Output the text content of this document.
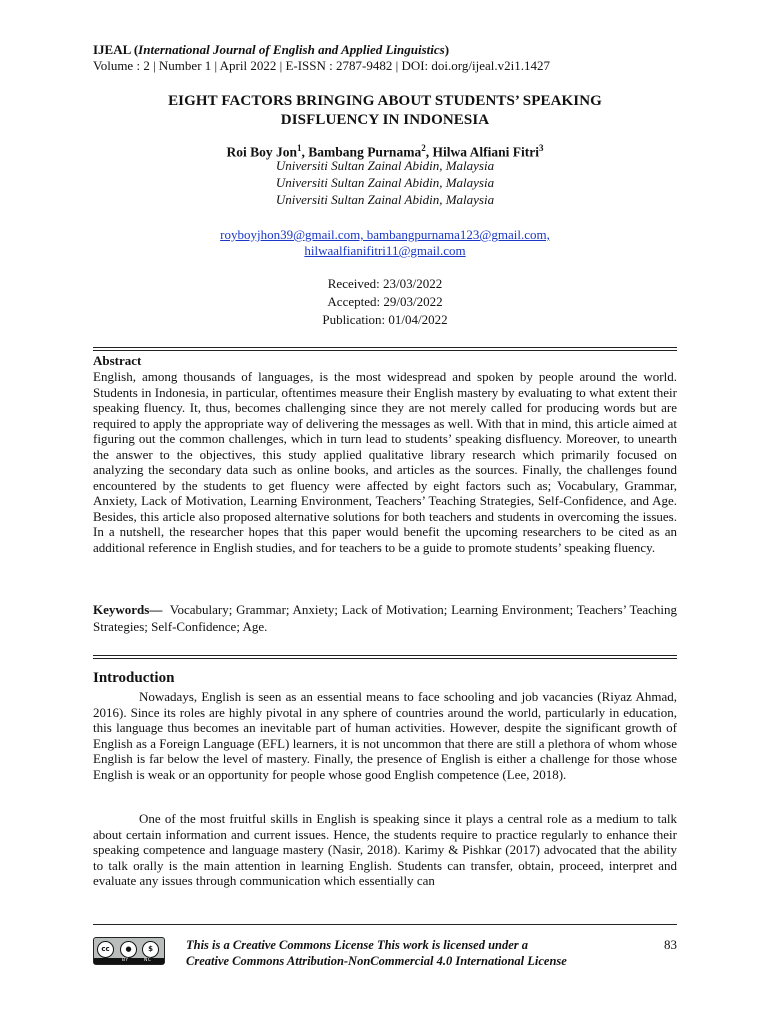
IJEAL (International Journal of English and Applied Linguistics)
Volume : 2 | Number 1 | April 2022 | E-ISSN : 2787-9482 | DOI: doi.org/ijeal.v2i1.1427
EIGHT FACTORS BRINGING ABOUT STUDENTS’ SPEAKING
DISFLUENCY IN INDONESIA
Roi Boy Jon$^1$, Bambang Purnama$^2$, Hilwa Alfiani Fitri$^3$
Universiti Sultan Zainal Abidin, Malaysia
Universiti Sultan Zainal Abidin, Malaysia
Universiti Sultan Zainal Abidin, Malaysia
royboyjhon39@gmail.com, bambangpurnama123@gmail.com,
hilwaalfianifitri11@gmail.com
Received: 23/03/2022
Accepted: 29/03/2022
Publication: 01/04/2022
Abstract
English, among thousands of languages, is the most widespread and spoken by people around the world. Students in Indonesia, in particular, oftentimes measure their English mastery by evaluating to what extent their speaking fluency. It, thus, becomes challenging since they are not merely called for producing words but are required to apply the appropriate way of delivering the messages as well. With that in mind, this article aimed at figuring out the common challenges, which in turn lead to students’ speaking disfluency. Moreover, to unearth the answer to the objectives, this study applied qualitative library research which primarily focused on analyzing the secondary data such as online books, and articles as the sources. Finally, the challenges found encountered by the students to get fluency were affected by eight factors such as; Vocabulary, Grammar, Anxiety, Lack of Motivation, Learning Environment, Teachers’ Teaching Strategies, Self-Confidence, and Age. Besides, this article also proposed alternative solutions for both teachers and students in overcoming the issues. In a nutshell, the researcher hopes that this paper would benefit the upcoming researchers to be cited as an additional reference in English studies, and for teachers to be a guide to promote students’ speaking fluency.
Keywords— Vocabulary; Grammar; Anxiety; Lack of Motivation; Learning Environment; Teachers’ Teaching Strategies; Self-Confidence; Age.
Introduction
Nowadays, English is seen as an essential means to face schooling and job vacancies (Riyaz Ahmad, 2016). Since its roles are highly pivotal in any sphere of countries around the world, particularly in education, this language thus becomes an inevitable part of human activities. However, despite the significant growth of English as a Foreign Language (EFL) learners, it is not uncommon that there are still a plethora of whom whose English is far below the level of mastery. Finally, the presence of English is either a challenge for those whose English is weak or an opportunity for people whose good English competence (Lee, 2018).
One of the most fruitful skills in English is speaking since it plays a central role as a medium to talk about certain information and current issues. Hence, the students require to practice regularly to enhance their speaking competence and language mastery (Nasir, 2018). Karimy & Pishkar (2017) advocated that the ability to talk orally is the main attention in learning English. Students can transfer, obtain, proceed, interpret and evaluate any issues through communication which essentially can
cc	●	$
BY	NC
This is a Creative Commons License This work is licensed under a
Creative Commons Attribution-NonCommercial 4.0 International License
83
